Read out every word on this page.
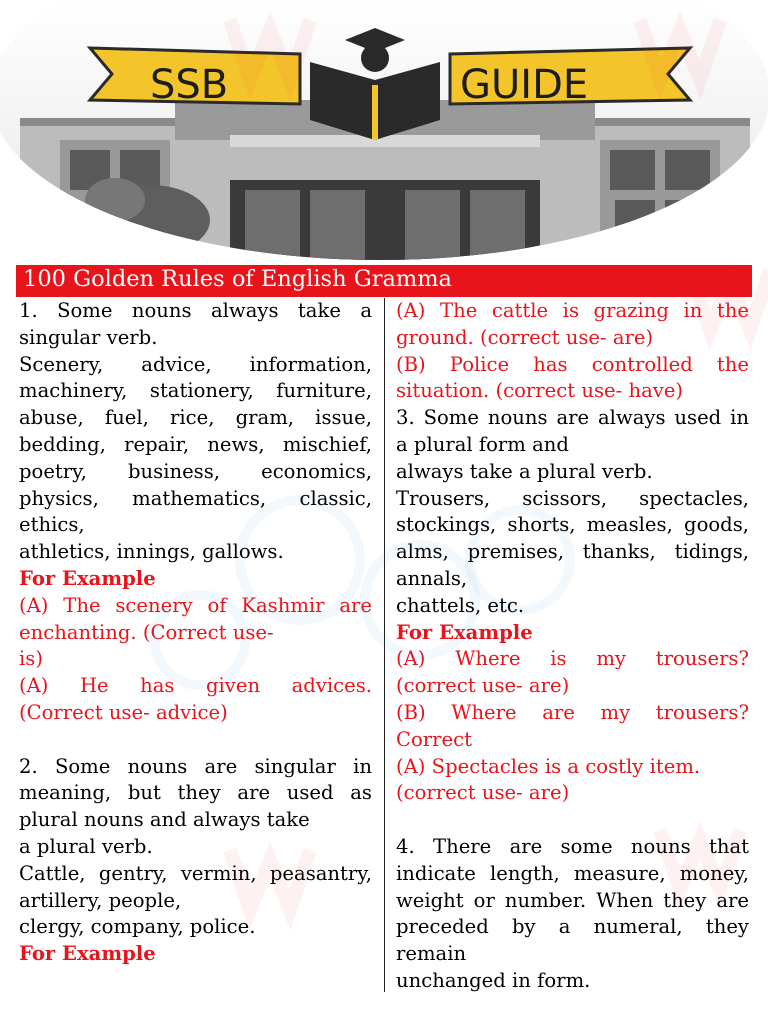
SSB	GUIDE
100 Golden Rules of English Gramma

1. Some nouns always take a

singular verb.

Scenery, advice, information, machinery, stationery, furniture, abuse, fuel, rice, gram, issue, bedding, repair, news, mischief, poetry, business, economics, physics, mathematics, classic, ethics,

athletics, innings, gallows.

For Example

(A) The scenery of Kashmir are enchanting. (Correct use-

is)

(A) He has given advices.

(Correct use- advice)

2. Some nouns are singular in meaning, but they are used as plural nouns and always take

a plural verb.

Cattle, gentry, vermin, peasantry, artillery, people,

clergy, company, police.

For Example

(A) The cattle is grazing in the

ground. (correct use- are)

(B) Police has controlled the

situation. (correct use- have)

3. Some nouns are always used in a plural form and

always take a plural verb.

Trousers, scissors, spectacles, stockings, shorts, measles, goods, alms, premises, thanks, tidings, annals,

chattels, etc.

For Example

(A) Where is my trousers?

(correct use- are)

(B) Where are my trousers?

Correct

(A) Spectacles is a costly item.

(correct use- are)

4. There are some nouns that indicate length, measure, money, weight or number. When they are preceded by a numeral, they remain

unchanged in form.
